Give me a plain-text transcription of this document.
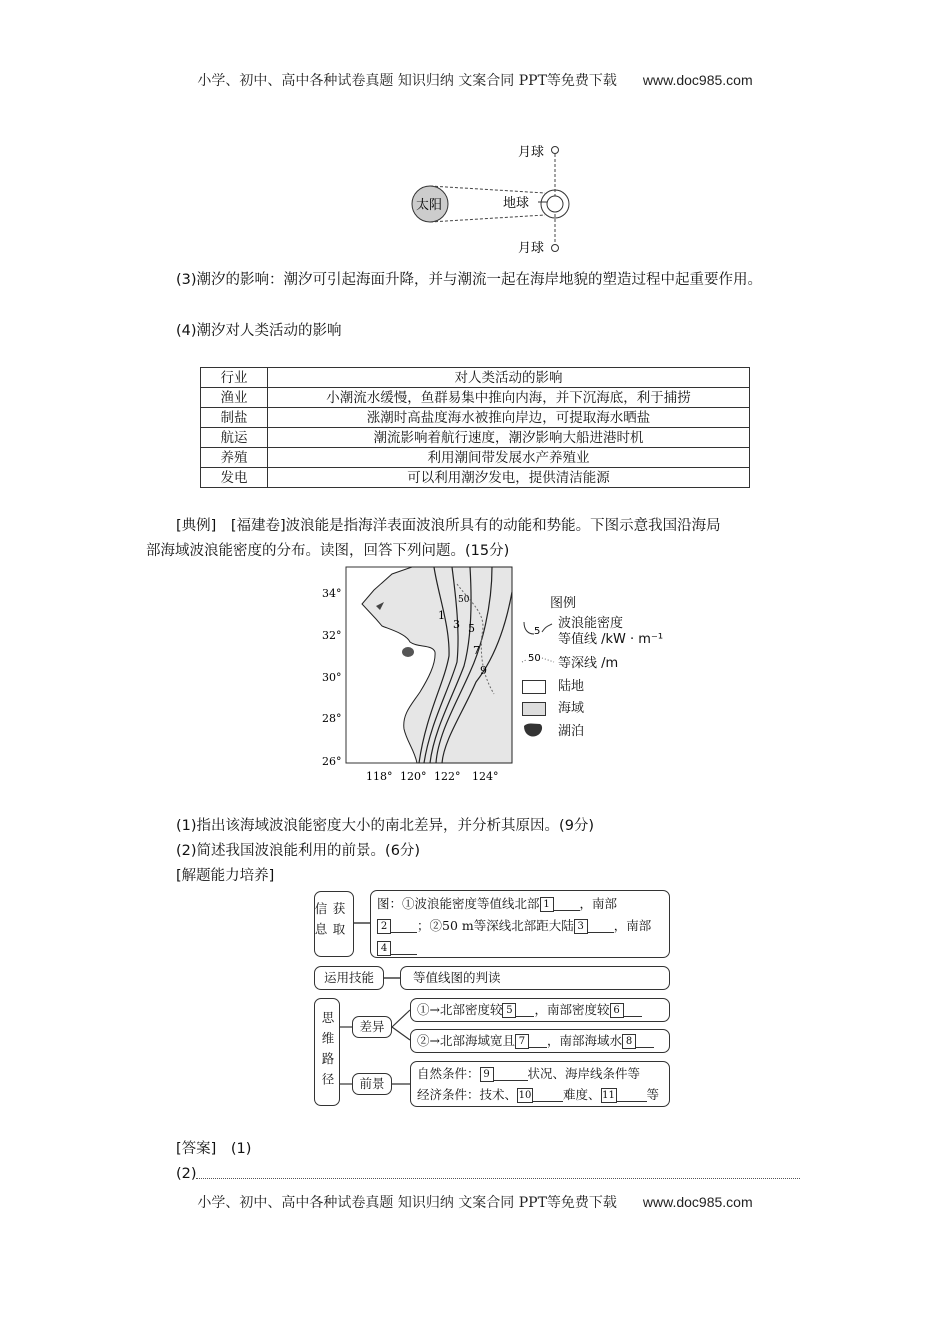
小学、初中、高中各种试卷真题 知识归纳 文案合同 PPT等免费下载 www.doc985.com
太阳	地球
月球
月球
(3)潮汐的影响：潮汐可引起海面升降，并与潮流一起在海岸地貌的塑造过程中起重要作用。
(4)潮汐对人类活动的影响
行业	对人类活动的影响
渔业	小潮流水缓慢，鱼群易集中推向内海，并下沉海底，利于捕捞
制盐	涨潮时高盐度海水被推向岸边，可提取海水晒盐
航运	潮流影响着航行速度，潮汐影响大船进港时机
养殖	利用潮间带发展水产养殖业
发电	可以利用潮汐发电，提供清洁能源
[典例]　[福建卷]波浪能是指海洋表面波浪所具有的动能和势能。下图示意我国沿海局
部海域波浪能密度的分布。读图，回答下列问题。(15分)
34°
32°
30°
28°
26°
118° 120° 122° 124°
1
3 5
7
9
50	图例
5
波浪能密度
等值线 /kW · m⁻¹
50 等深线 /m
陆地
海域
湖泊
(1)指出该海域波浪能密度大小的南北差异，并分析其原因。(9分)
(2)简述我国波浪能利用的前景。(6分)
[解题能力培养]
获取信息	图：①波浪能密度等值线北部 1 ，南部
2 ；②50 m等深线北部距大陆 3 ，南部
4
运用技能	等值线图的判读
思维路径	差异
①→北部密度较 5 ，南部密度较 6
②→北部海域宽且 7 ，南部海域水 8
前景
自然条件： 9	状况、海岸线条件等
经济条件：技术、 10	难度、 11	等
[答案]　(1)
(2)
小学、初中、高中各种试卷真题 知识归纳 文案合同 PPT等免费下载 www.doc985.com
